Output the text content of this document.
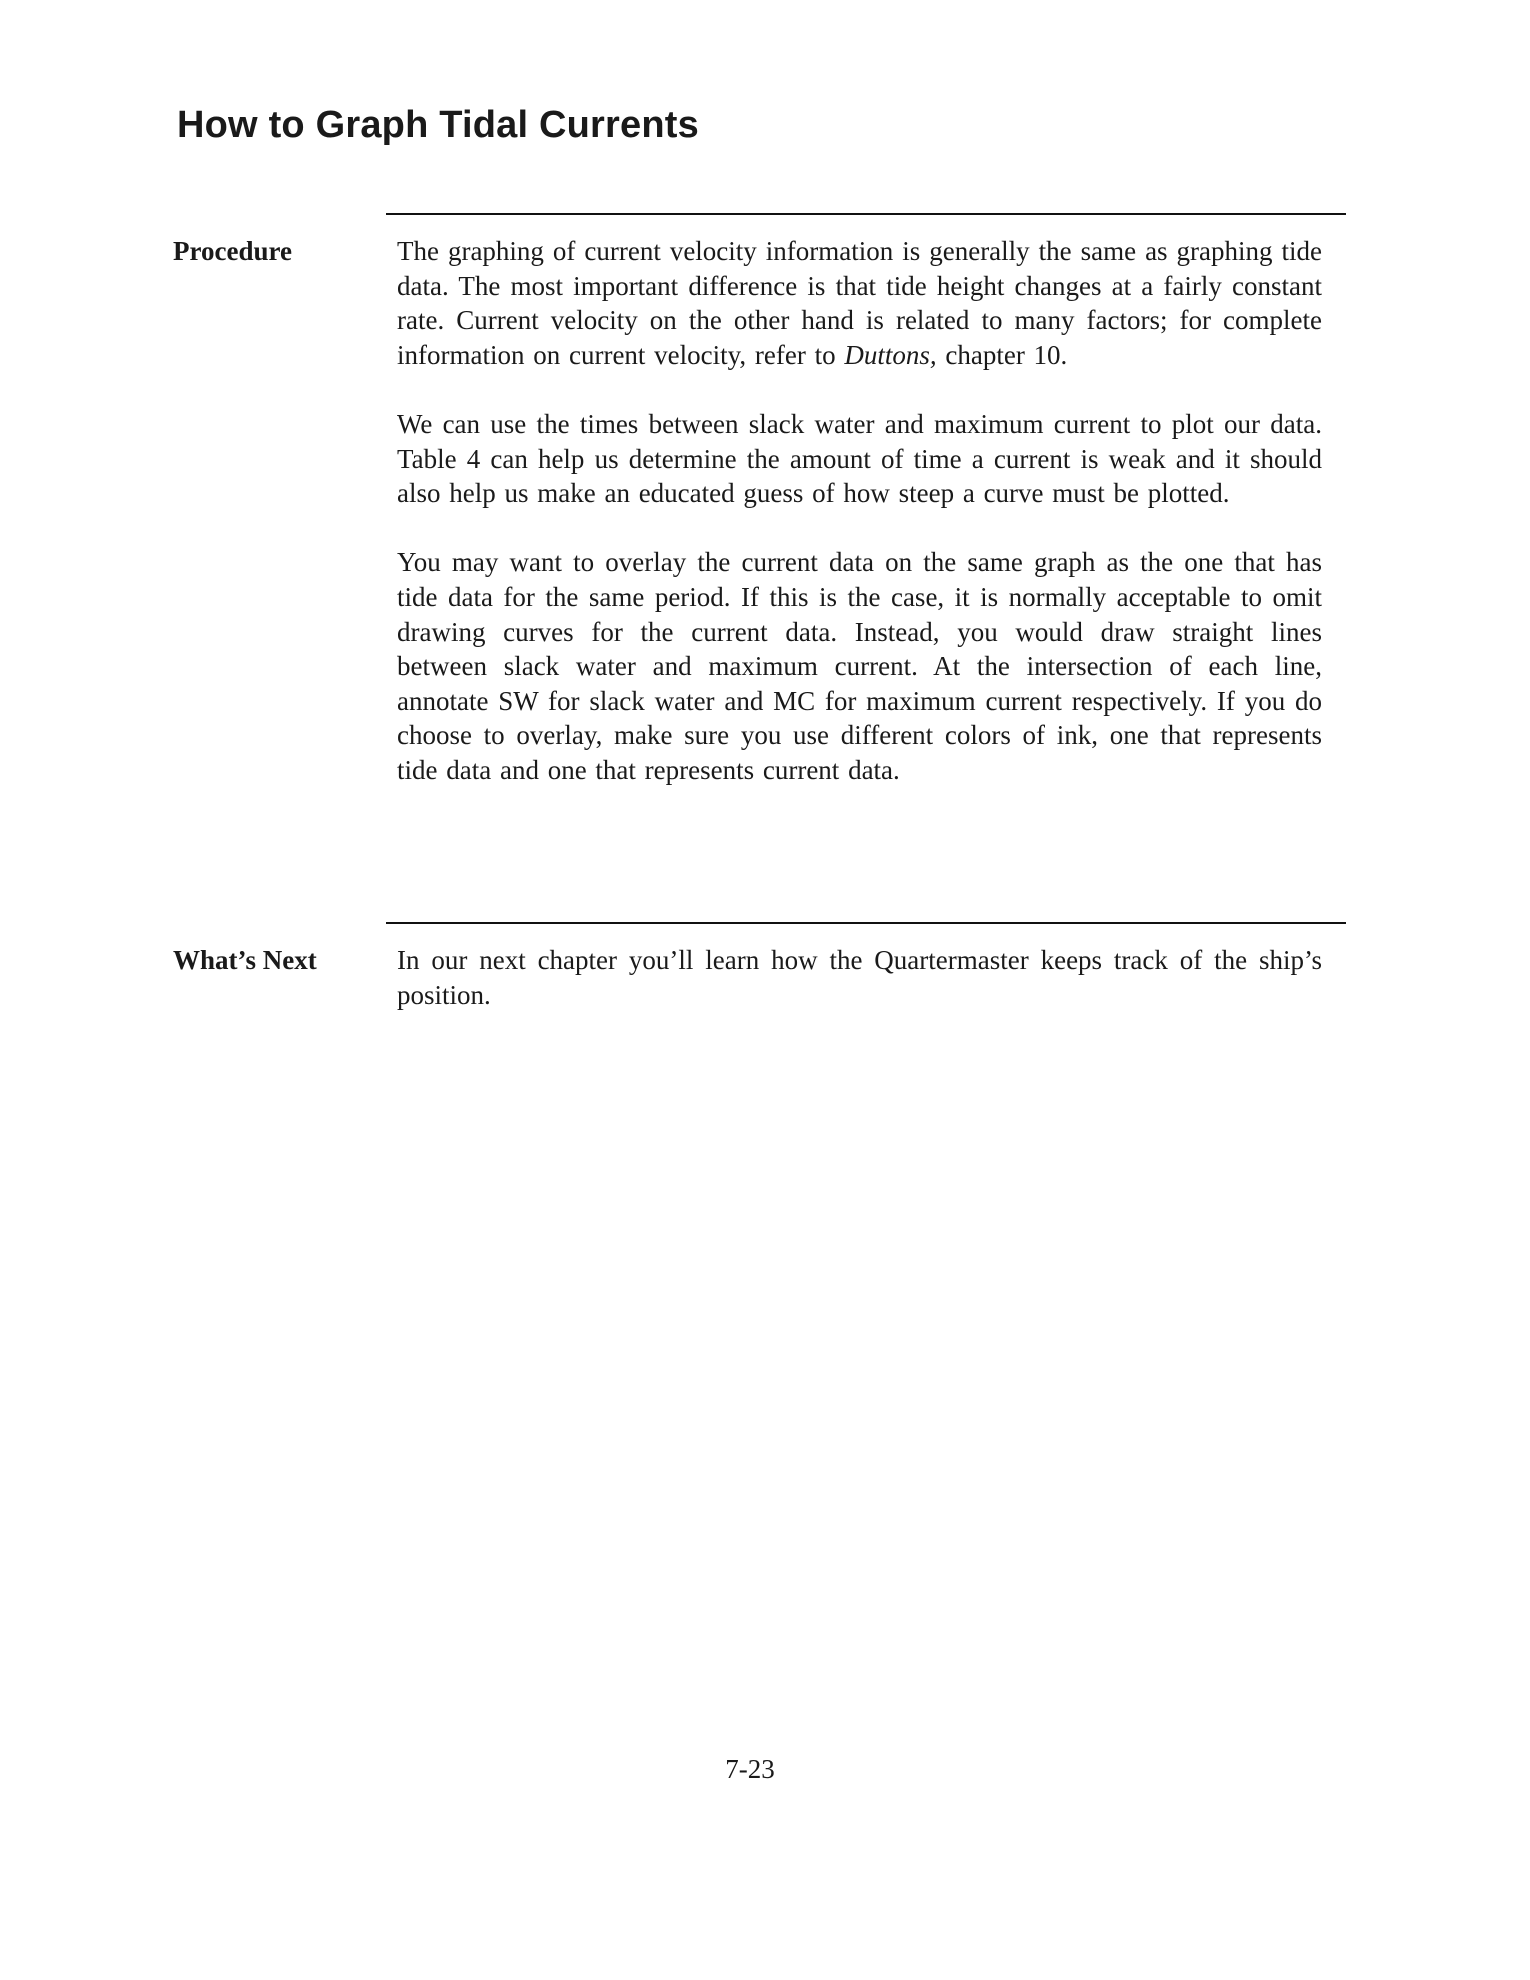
How to Graph Tidal Currents
Procedure	The graphing of current velocity information is generally the same as graphing tide data. The most important difference is that tide height changes at a fairly constant rate. Current velocity on the other hand is related to many factors; for complete information on current velocity, refer to Duttons, chapter 10.

We can use the times between slack water and maximum current to plot our data. Table 4 can help us determine the amount of time a current is weak and it should also help us make an educated guess of how steep a curve must be plotted.

You may want to overlay the current data on the same graph as the one that has tide data for the same period. If this is the case, it is normally acceptable to omit drawing curves for the current data. Instead, you would draw straight lines between slack water and maximum current. At the intersection of each line, annotate SW for slack water and MC for maximum current respectively. If you do choose to overlay, make sure you use different colors of ink, one that represents tide data and one that represents current data.

What’s Next	In our next chapter you’ll learn how the Quartermaster keeps track of the ship’s position.

7-23
